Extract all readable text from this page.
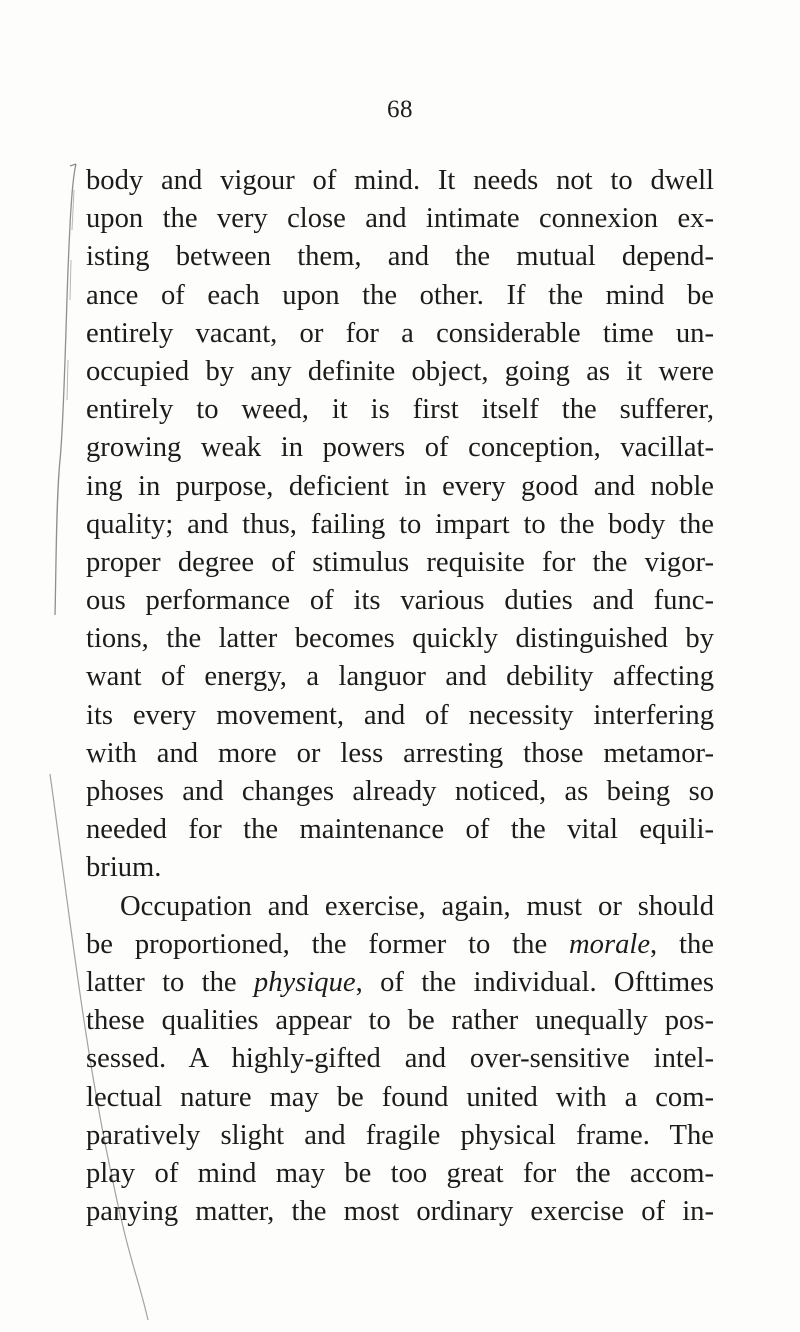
68
body and vigour of mind. It needs not to dwell
upon the very close and intimate connexion ex-
isting between them, and the mutual depend-
ance of each upon the other. If the mind be
entirely vacant, or for a considerable time un-
occupied by any definite object, going as it were
entirely to weed, it is first itself the sufferer,
growing weak in powers of conception, vacillat-
ing in purpose, deficient in every good and noble
quality; and thus, failing to impart to the body the
proper degree of stimulus requisite for the vigor-
ous performance of its various duties and func-
tions, the latter becomes quickly distinguished by
want of energy, a languor and debility affecting
its every movement, and of necessity interfering
with and more or less arresting those metamor-
phoses and changes already noticed, as being so
needed for the maintenance of the vital equili-
brium.
Occupation and exercise, again, must or should
be proportioned, the former to the morale, the
latter to the physique, of the individual. Ofttimes
these qualities appear to be rather unequally pos-
sessed. A highly-gifted and over-sensitive intel-
lectual nature may be found united with a com-
paratively slight and fragile physical frame. The
play of mind may be too great for the accom-
panying matter, the most ordinary exercise of in-
